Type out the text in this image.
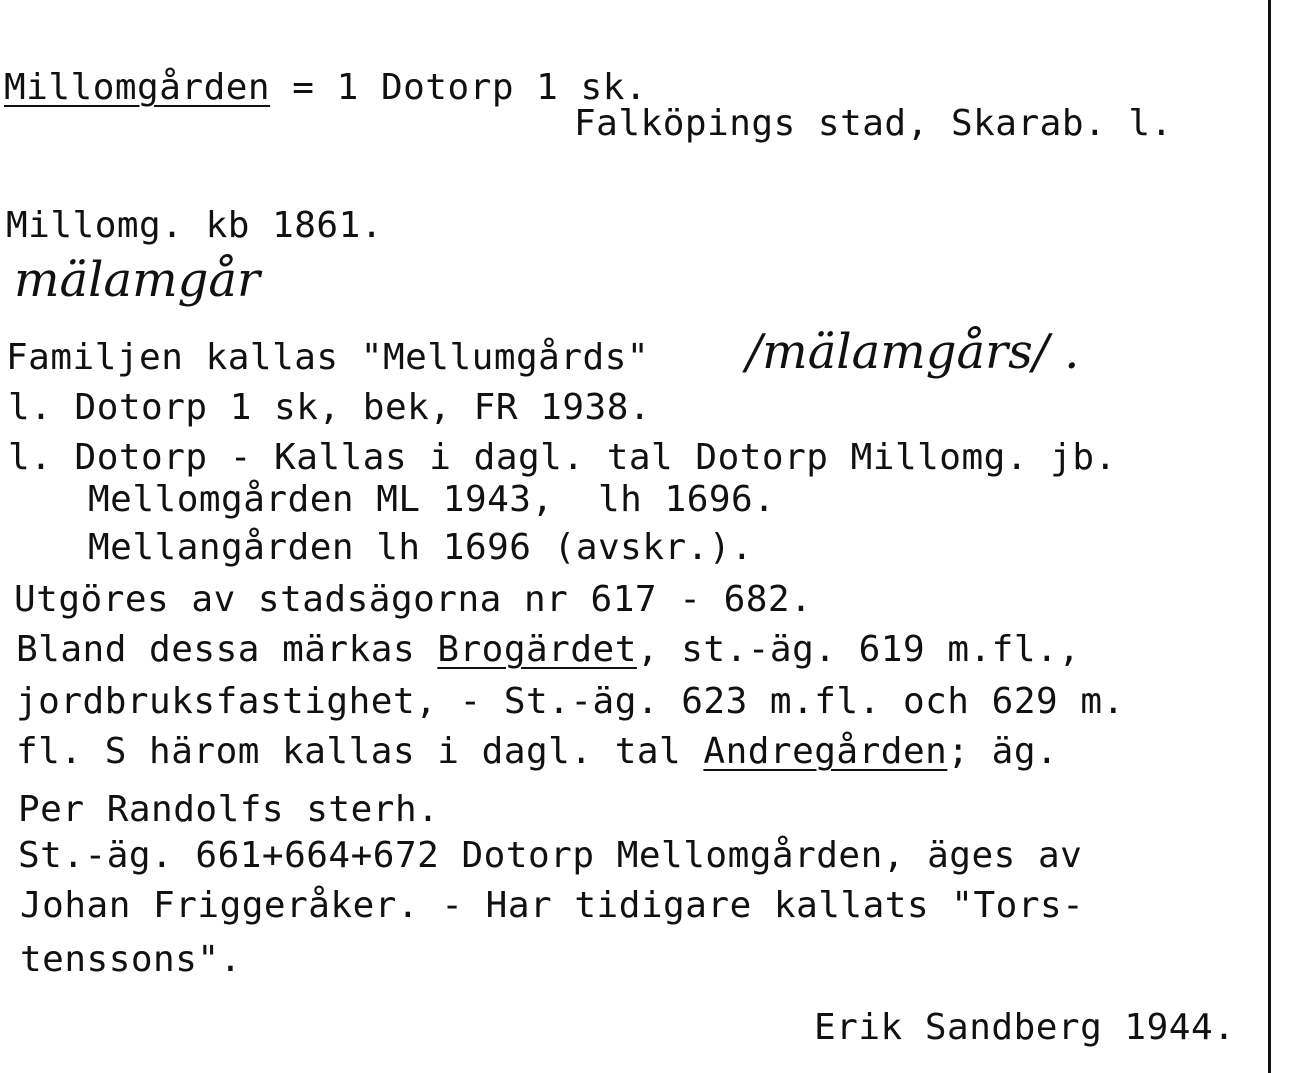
Millomgården = 1 Dotorp 1 sk.
Falköpings stad, Skarab. l.
Millomg. kb 1861.
mälamgår
Familjen kallas "Mellumgårds" /mälamgårs/ .
l. Dotorp 1 sk, bek, FR 1938.
l. Dotorp - Kallas i dagl. tal Dotorp Millomg. jb.
Mellomgården ML 1943,  lh 1696.
Mellangården lh 1696 (avskr.).
Utgöres av stadsägorna nr 617 - 682.
Bland dessa märkas Brogärdet, st.-äg. 619 m.fl.,
jordbruksfastighet, - St.-äg. 623 m.fl. och 629 m.
fl. S härom kallas i dagl. tal Andregården; äg.
Per Randolfs sterh.
St.-äg. 661+664+672 Dotorp Mellomgården, äges av
Johan Friggeråker. - Har tidigare kallats "Tors-
tenssons".
Erik Sandberg 1944.
